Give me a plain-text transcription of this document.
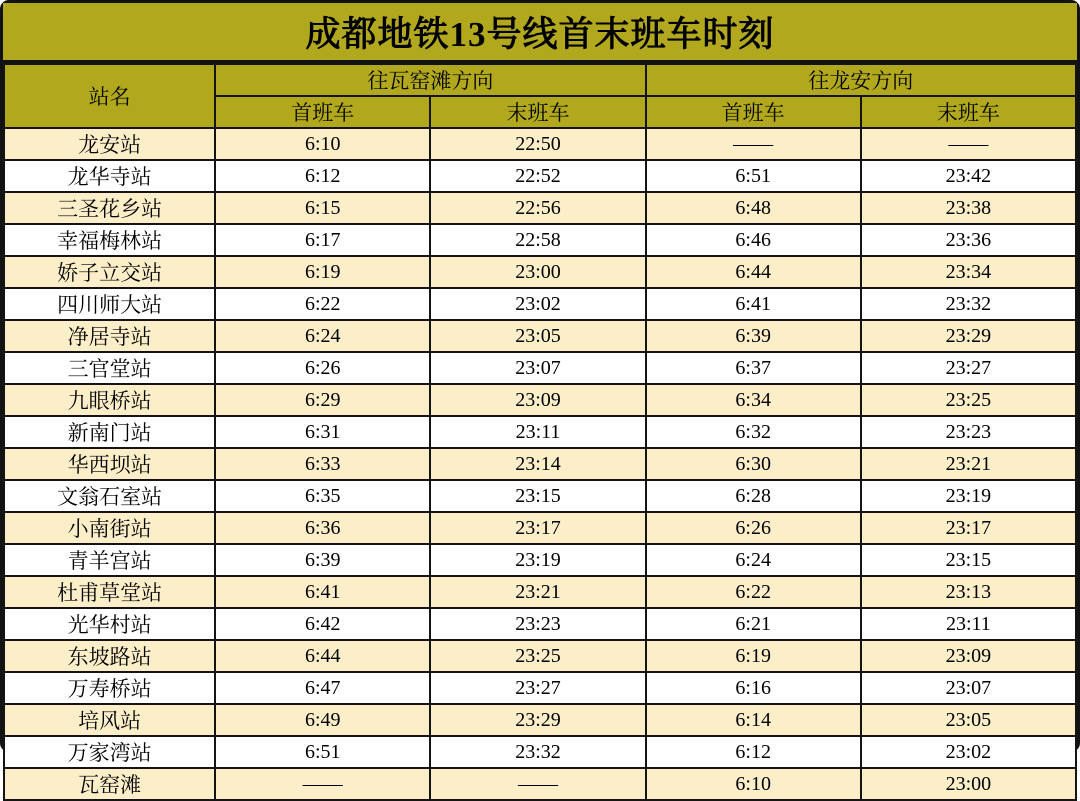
成都地铁13号线首末班车时刻
站名	往瓦窑滩方向		往龙安方向	
	首班车	末班车	首班车	末班车
龙安站	6:10	22:50	——	——
龙华寺站	6:12	22:52	6:51	23:42
三圣花乡站	6:15	22:56	6:48	23:38
幸福梅林站	6:17	22:58	6:46	23:36
娇子立交站	6:19	23:00	6:44	23:34
四川师大站	6:22	23:02	6:41	23:32
净居寺站	6:24	23:05	6:39	23:29
三官堂站	6:26	23:07	6:37	23:27
九眼桥站	6:29	23:09	6:34	23:25
新南门站	6:31	23:11	6:32	23:23
华西坝站	6:33	23:14	6:30	23:21
文翁石室站	6:35	23:15	6:28	23:19
小南街站	6:36	23:17	6:26	23:17
青羊宫站	6:39	23:19	6:24	23:15
杜甫草堂站	6:41	23:21	6:22	23:13
光华村站	6:42	23:23	6:21	23:11
东坡路站	6:44	23:25	6:19	23:09
万寿桥站	6:47	23:27	6:16	23:07
培风站	6:49	23:29	6:14	23:05
万家湾站	6:51	23:32	6:12	23:02
瓦窑滩	——	——	6:10	23:00
